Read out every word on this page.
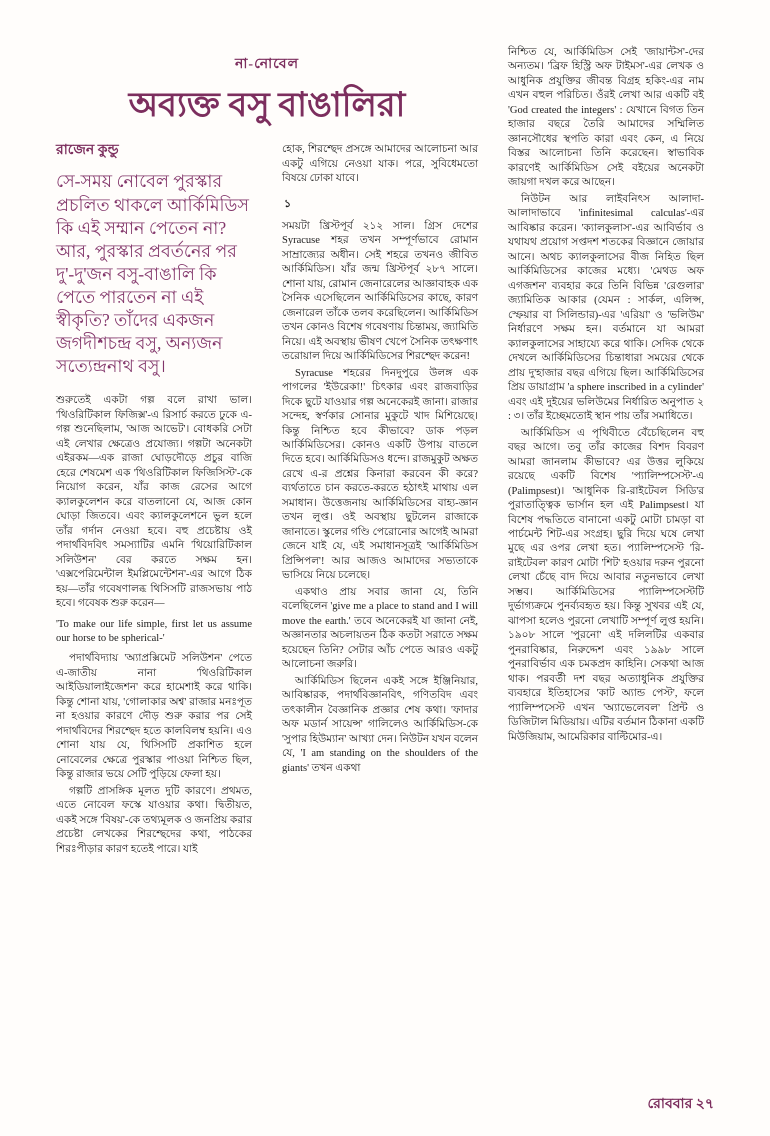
না-নোবেল
অব্যক্ত বসু বাঙালিরা
রাজেন কুন্ডু
সে-সময় নোবেল পুরস্কার প্রচলিত থাকলে আর্কিমিডিস কি এই সম্মান পেতেন না? আর, পুরস্কার প্রবর্তনের পর দু'-দু'জন বসু-বাঙালি কি পেতে পারতেন না এই স্বীকৃতি? তাঁদের একজন জগদীশচন্দ্র বসু, অন্যজন সত্যেন্দ্রনাথ বসু।

শুরুতেই একটা গল্প বলে রাখা ভাল। 'থিওরিটিকাল ফিজিক্স'-এ রিসার্চ করতে ঢুকে এ-গল্প শুনেছিলাম, 'আজ আভেট'। বোধকরি সেটা এই লেখার ক্ষেত্রেও প্রযোজ্য। গল্পটা অনেকটা এইরকম—এক রাজা ঘোড়দৌড়ে প্রচুর বাজি হেরে শেষমেশ এক 'থিওরিটিকাল ফিজিসিস্ট'-কে নিয়োগ করেন, যাঁর কাজ রেসের আগে ক্যালকুলেশন করে বাতলানো যে, আজ কোন ঘোড়া জিতবে। এবং ক্যালকুলেশনে ভুল হলে তাঁর গর্দান নেওয়া হবে। বহু প্রচেষ্টায় ওই পদার্থবিদবিৎ সমস্যাটির এমনি 'থিয়োরিটিকাল সলিউশন' বের করতে সক্ষম হন। 'এক্সপেরিমেন্টাল ইমপ্লিমেন্টেশন'-এর আগে ঠিক হয়—তাঁর গবেষণালব্ধ থিসিসটি রাজসভায় পাঠ হবে। গবেষক শুরু করেন—

'To make our life simple, first let us assume our horse to be spherical-'

পদার্থবিদ্যায় 'অ্যাপ্রক্সিমেট সলিউশন' পেতে এ-জাতীয় নানা 'থিওরিটিকাল আইডিয়ালাইজেশন' করে হামেশাই করে থাকি। কিন্তু শোনা যায়, 'গোলাকার অশ্ব' রাজার মনঃপূত না হওয়ার কারণে দৌড় শুরু করার পর সেই পদার্থবিদের শিরশ্ছেদ হতে কালবিলম্ব হয়নি। এও শোনা যায় যে, থিসিসটি প্রকাশিত হলে নোবেলের ক্ষেত্রে পুরস্কার পাওয়া নিশ্চিত ছিল, কিন্তু রাজার ভয়ে সেটি পুড়িয়ে ফেলা হয়।

গল্পটি প্রাসঙ্গিক মূলত দুটি কারণে। প্রথমত, এতে নোবেল ফস্কে যাওয়ার কথা। দ্বিতীয়ত, একই সঙ্গে 'বিষয়'-কে তথ্যমূলক ও জনপ্রিয় করার প্রচেষ্টা লেখকের শিরশ্ছেদের কথা, পাঠকের শিরঃপীড়ার কারণ হতেই পারে। যাই

হোক, শিরশ্ছেদ প্রসঙ্গে আমাদের আলোচনা আর একটু এগিয়ে নেওয়া যাক। পরে, সুবিধেমতো বিষয়ে ঢোকা যাবে।

১

সময়টা খ্রিস্টপূর্ব ২১২ সাল। গ্রিস দেশের Syracuse শহর তখন সম্পূর্ণভাবে রোমান সাম্রাজ্যের অধীন। সেই শহরে তখনও জীবিত আর্কিমিডিস। যাঁর জন্ম খ্রিস্টপূর্ব ২৮৭ সালে। শোনা যায়, রোমান জেনারেলের আজ্ঞাবাহক এক সৈনিক এসেছিলেন আর্কিমিডিসের কাছে, কারণ জেনারেল তাঁকে তলব করেছিলেন। আর্কিমিডিস তখন কোনও বিশেষ গবেষণায় চিন্তাময়, জ্যামিতি নিয়ে। এই অবস্থায় ভীষণ খেপে সৈনিক তৎক্ষণাৎ তরোয়াল দিয়ে আর্কিমিডিসের শিরশ্ছেদ করেন!

Syracuse শহরের দিনদুপুরে উলঙ্গ এক পাগলের 'ইউরেকা!' চিৎকার এবং রাজবাড়ির দিকে ছুটে যাওয়ার গল্প অনেকেরই জানা। রাজার সন্দেহ, স্বর্ণকার সোনার মুকুটে খাদ মিশিয়েছে। কিন্তু নিশ্চিত হবে কীভাবে? ডাক পড়ল আর্কিমিডিসের। কোনও একটি উপায় বাতলে দিতে হবে। আর্কিমিডিসও ধন্দে। রাজমুকুট অক্ষত রেখে এ-র প্রশ্নের কিনারা করবেন কী করে? ব্যর্থতাতে চান করতে-করতে হঠাৎই মাথায় এল সমাধান। উত্তেজনায় আর্কিমিডিসের বাহ্য-জ্ঞান তখন লুপ্ত। ওই অবস্থায় ছুটলেন রাজাকে জানাতে। স্কুলের গণ্ডি পেরোনোর আগেই আমরা জেনে যাই যে, এই সমাধানসূত্রই 'আর্কিমিডিস প্রিন্সিপল'! আর আজও আমাদের সভ্যতাকে ভাসিয়ে নিয়ে চলেছে।

একথাও প্রায় সবার জানা যে, তিনি বলেছিলেন 'give me a place to stand and I will move the earth.' তবে অনেকেরই যা জানা নেই, অজ্ঞানতার অচলায়তন ঠিক কতটা সরাতে সক্ষম হয়েছেন তিনি? সেটার আঁচ পেতে আরও একটু আলোচনা জরুরি।

আর্কিমিডিস ছিলেন একই সঙ্গে ইঞ্জিনিয়ার, আবিষ্কারক, পদার্থবিজ্ঞানবিৎ, গণিতবিদ এবং তৎকালীন বৈজ্ঞানিক প্রজ্ঞার শেষ কথা। 'ফাদার অফ মডার্ন সায়েন্স' গালিলেও আর্কিমিডিস-কে 'সুপার হিউম্যান' আখ্যা দেন। নিউটন যখন বলেন যে, 'I am standing on the shoulders of the giants' তখন একথা

নিশ্চিত যে, আর্কিমিডিস সেই 'জায়ান্টস'-দের অন্যতম। 'ব্রিফ হিস্ট্রি অফ টাইমস'-এর লেখক ও আধুনিক প্রযুক্তির জীবন্ত বিগ্রহ হকিং-এর নাম এখন বহুল পরিচিত। ওঁরই লেখা আর একটি বই 'God created the integers' : যেখানে বিগত তিন হাজার বছরে তৈরি আমাদের সম্মিলিত জ্ঞানসৌধের স্থপতি কারা এবং কেন, এ নিয়ে বিস্তর আলোচনা তিনি করেছেন। স্বাভাবিক কারণেই আর্কিমিডিস সেই বইয়ের অনেকটা জায়গা দখল করে আছেন।

নিউটন আর লাইবনিৎস আলাদা-আলাদাভাবে 'infinitesimal calculas'-এর আবিষ্কার করেন। 'ক্যালকুলাস'-এর আবির্ভাব ও যথাযথ প্রয়োগ সপ্তদশ শতকের বিজ্ঞানে জোয়ার আনে। অথচ ক্যালকুলাসের বীজ নিহিত ছিল আর্কিমিডিসের কাজের মধ্যে। 'মেথড অফ এগজশন' ব্যবহার করে তিনি বিভিন্ন 'রেগুলার' জ্যামিতিক আকার (যেমন : সার্কল, এলিপ্স, স্ফেয়ার বা সিলিন্ডার)-এর 'এরিয়া' ও 'ভলিউম' নির্ধারণে সক্ষম হন। বর্তমানে যা আমরা ক্যালকুলাসের সাহায্যে করে থাকি। সেদিক থেকে দেখলে আর্কিমিডিসের চিন্তাধারা সময়ের থেকে প্রায় দু'হাজার বছর এগিয়ে ছিল। আর্কিমিডিসের প্রিয় ডায়াগ্রাম 'a sphere inscribed in a cylinder' এবং এই দুইয়ের ভলিউমের নির্ধারিত অনুপাত ২ : ৩। তাঁর ইচ্ছেমতোই স্থান পায় তাঁর সমাধিতে।

আর্কিমিডিস এ পৃথিবীতে বেঁচেছিলেন বহু বছর আগে। তবু তাঁর কাজের বিশদ বিবরণ আমরা জানলাম কীভাবে? এর উত্তর লুকিয়ে রয়েছে একটি বিশেষ 'প্যালিম্পসেস্ট'-এ (Palimpsest)। 'আধুনিক রি-রাইটেবল সিডি'র পুরাতাত্ত্বিক ভার্সান হল এই Palimpsest। যা বিশেষ পদ্ধতিতে বানানো একটু মোটা চামড়া বা পার্চমেন্ট শিট-এর সংগ্রহ। ছুরি দিয়ে ঘষে লেখা মুছে এর ওপর লেখা হত। প্যালিম্পসেস্ট 'রি-রাইটেবল' কারণ মোটা 'শিট' হওয়ার দরুন পুরনো লেখা চেঁছে বাদ দিয়ে আবার নতুনভাবে লেখা সম্ভব। আর্কিমিডিসের প্যালিম্পসেস্টটি দুর্ভাগ্যক্রমে পুনর্ব্যবহৃত হয়। কিন্তু সুখবর এই যে, ঝাপসা হলেও পুরনো লেখাটি সম্পূর্ণ লুপ্ত হয়নি। ১৯০৮ সালে 'পুরনো' এই দলিলটির একবার পুনরাবিষ্কার, নিরুদ্দেশ এবং ১৯৯৮ সালে পুনরাবির্ভাব এক চমকপ্রদ কাহিনি। সেকথা আজ থাক। পরবর্তী দশ বছর অত্যাধুনিক প্রযুক্তির ব্যবহারে ইতিহাসের 'কাট অ্যান্ড পেস্ট', ফলে প্যালিম্পসেস্ট এখন 'অ্যাভেলেবল' প্রিন্ট ও ডিজিটাল মিডিয়ায়। এটির বর্তমান ঠিকানা একটি মিউজিয়াম, আমেরিকার বাল্টিমোর-এ।

রোববার ২৭
